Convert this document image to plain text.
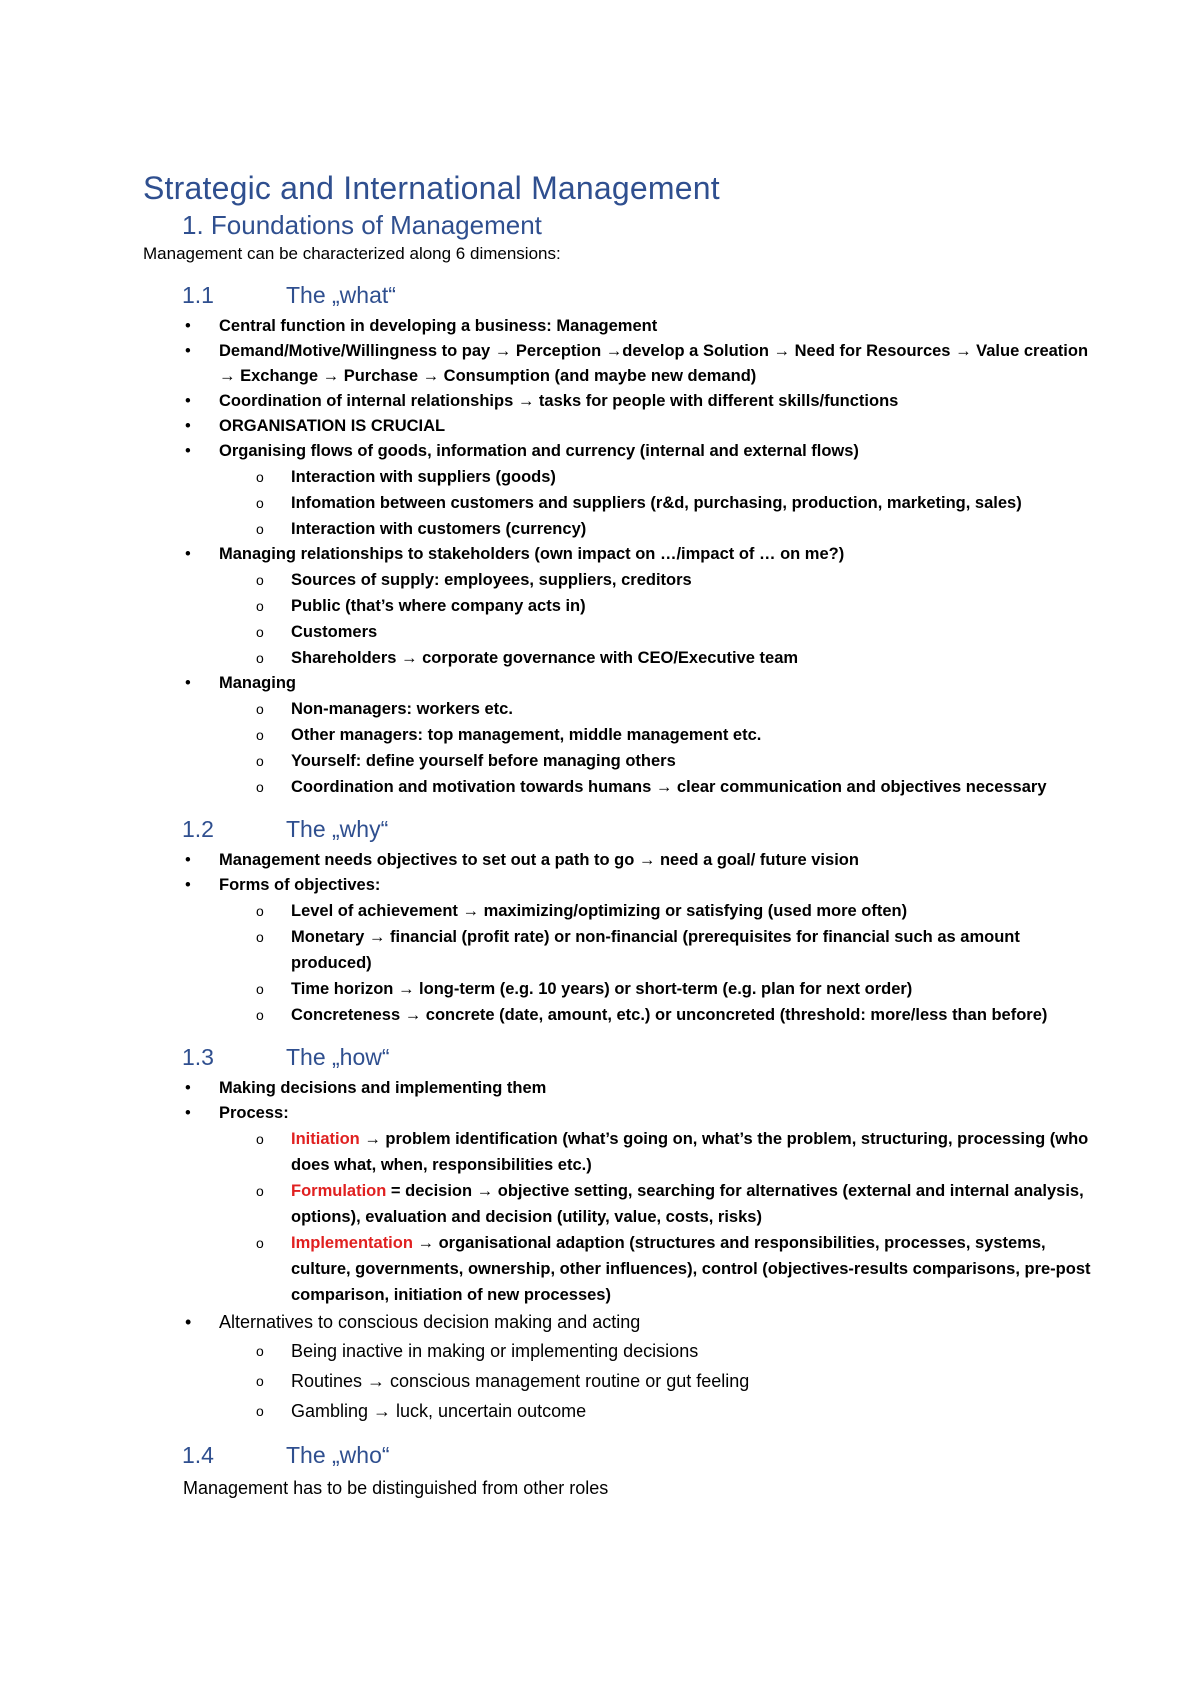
Strategic and International Management
1. Foundations of Management

Management can be characterized along 6 dimensions:

1.1	The „what“
• Central function in developing a business: Management
• Demand/Motive/Willingness to pay → Perception →develop a Solution → Need for Resources → Value creation → Exchange → Purchase → Consumption (and maybe new demand)
• Coordination of internal relationships → tasks for people with different skills/functions
• ORGANISATION IS CRUCIAL
• Organising flows of goods, information and currency (internal and external flows)
o Interaction with suppliers (goods)
o Infomation between customers and suppliers (r&d, purchasing, production, marketing, sales)
o Interaction with customers (currency)
• Managing relationships to stakeholders (own impact on …/impact of … on me?)
o Sources of supply: employees, suppliers, creditors
o Public (that’s where company acts in)
o Customers
o Shareholders → corporate governance with CEO/Executive team
• Managing
o Non-managers: workers etc.
o Other managers: top management, middle management etc.
o Yourself: define yourself before managing others
o Coordination and motivation towards humans → clear communication and objectives necessary
1.2	The „why“
• Management needs objectives to set out a path to go → need a goal/ future vision
• Forms of objectives:
o Level of achievement → maximizing/optimizing or satisfying (used more often)
o Monetary → financial (profit rate) or non-financial (prerequisites for financial such as amount produced)
o Time horizon → long-term (e.g. 10 years) or short-term (e.g. plan for next order)
o Concreteness → concrete (date, amount, etc.) or unconcreted (threshold: more/less than before)
1.3	The „how“
• Making decisions and implementing them
• Process:
o Initiation → problem identification (what’s going on, what’s the problem, structuring, processing (who does what, when, responsibilities etc.)
o Formulation = decision → objective setting, searching for alternatives (external and internal analysis, options), evaluation and decision (utility, value, costs, risks)
o Implementation → organisational adaption (structures and responsibilities, processes, systems, culture, governments, ownership, other influences), control (objectives-results comparisons, pre-post comparison, initiation of new processes)
• Alternatives to conscious decision making and acting
o Being inactive in making or implementing decisions
o Routines → conscious management routine or gut feeling
o Gambling → luck, uncertain outcome
1.4	The „who“

Management has to be distinguished from other roles
